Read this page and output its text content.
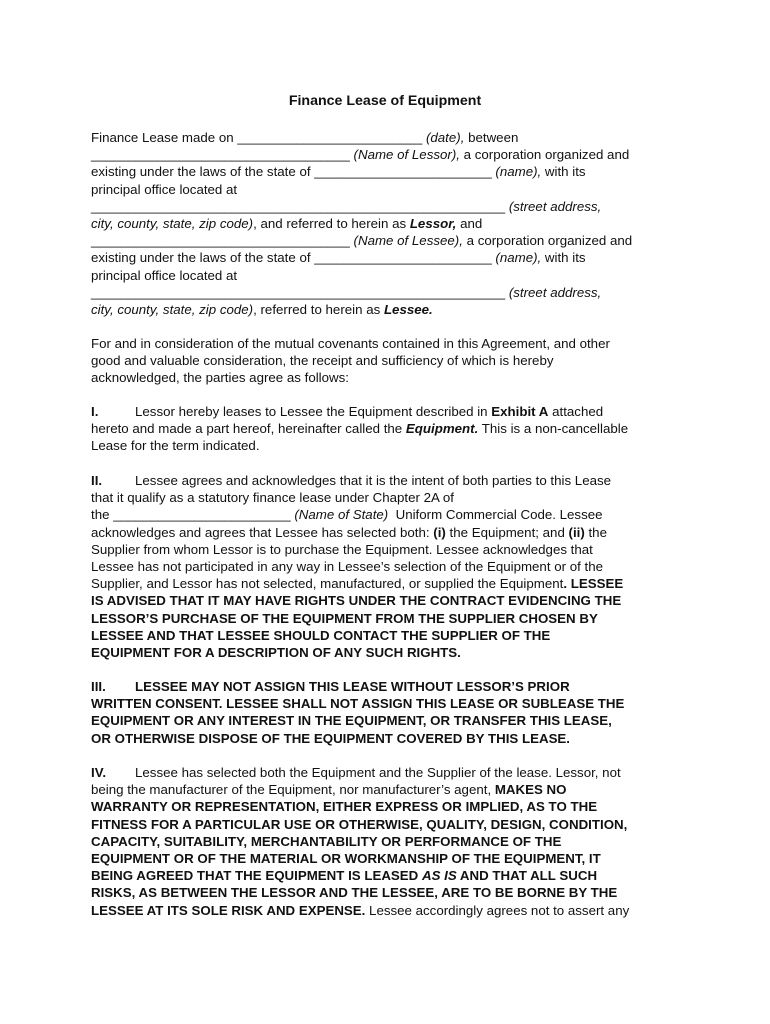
Finance Lease of Equipment
Finance Lease made on _________________________ (date), between
___________________________________ (Name of Lessor), a corporation organized and
existing under the laws of the state of ________________________ (name), with its
principal office located at
________________________________________________________ (street address,
city, county, state, zip code), and referred to herein as Lessor, and
___________________________________ (Name of Lessee), a corporation organized and
existing under the laws of the state of ________________________ (name), with its
principal office located at
________________________________________________________ (street address,
city, county, state, zip code), referred to herein as Lessee.
For and in consideration of the mutual covenants contained in this Agreement, and other
good and valuable consideration, the receipt and sufficiency of which is hereby
acknowledged, the parties agree as follows:
I.	Lessor hereby leases to Lessee the Equipment described in Exhibit A attached
hereto and made a part hereof, hereinafter called the Equipment. This is a non-cancellable
Lease for the term indicated.
II. Lessee agrees and acknowledges that it is the intent of both parties to this Lease
that it qualify as a statutory finance lease under Chapter 2A of
the ________________________ (Name of State)  Uniform Commercial Code. Lessee
acknowledges and agrees that Lessee has selected both: (i) the Equipment; and (ii) the
Supplier from whom Lessor is to purchase the Equipment. Lessee acknowledges that
Lessee has not participated in any way in Lessee’s selection of the Equipment or of the
Supplier, and Lessor has not selected, manufactured, or supplied the Equipment. LESSEE
IS ADVISED THAT IT MAY HAVE RIGHTS UNDER THE CONTRACT EVIDENCING THE
LESSOR’S PURCHASE OF THE EQUIPMENT FROM THE SUPPLIER CHOSEN BY
LESSEE AND THAT LESSEE SHOULD CONTACT THE SUPPLIER OF THE
EQUIPMENT FOR A DESCRIPTION OF ANY SUCH RIGHTS.
III. LESSEE MAY NOT ASSIGN THIS LEASE WITHOUT LESSOR’S PRIOR
WRITTEN CONSENT. LESSEE SHALL NOT ASSIGN THIS LEASE OR SUBLEASE THE
EQUIPMENT OR ANY INTEREST IN THE EQUIPMENT, OR TRANSFER THIS LEASE,
OR OTHERWISE DISPOSE OF THE EQUIPMENT COVERED BY THIS LEASE.
IV. Lessee has selected both the Equipment and the Supplier of the lease. Lessor, not
being the manufacturer of the Equipment, nor manufacturer’s agent, MAKES NO
WARRANTY OR REPRESENTATION, EITHER EXPRESS OR IMPLIED, AS TO THE
FITNESS FOR A PARTICULAR USE OR OTHERWISE, QUALITY, DESIGN, CONDITION,
CAPACITY, SUITABILITY, MERCHANTABILITY OR PERFORMANCE OF THE
EQUIPMENT OR OF THE MATERIAL OR WORKMANSHIP OF THE EQUIPMENT, IT
BEING AGREED THAT THE EQUIPMENT IS LEASED AS IS AND THAT ALL SUCH
RISKS, AS BETWEEN THE LESSOR AND THE LESSEE, ARE TO BE BORNE BY THE
LESSEE AT ITS SOLE RISK AND EXPENSE. Lessee accordingly agrees not to assert any
